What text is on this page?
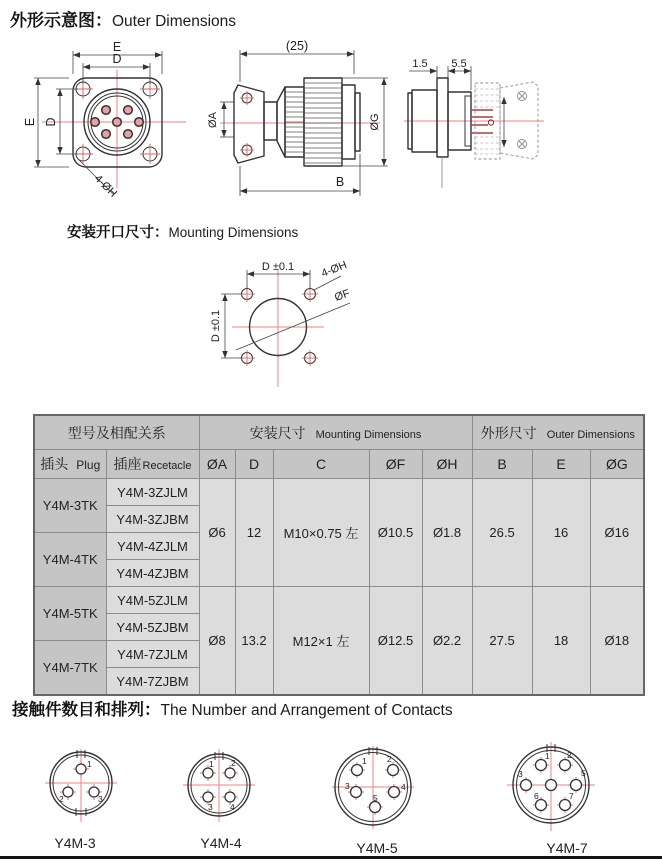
外形示意图：Outer Dimensions
E
D
E D
4-ØH
(25)
ØA	ØG
B
1.5 5.5
安装开口尺寸：Mounting Dimensions
D ±0.1
D ±0.1
4-ØH
ØF
型号及相配关系		安装尺寸 Mounting Dimensions					外形尺寸 Outer Dimensions		
插头 Plug	插座Recetacle	ØA	D	C	ØF	ØH	B	E	ØG
Y4M-3TK	Y4M-3ZJLM	Ø6	12	M10×0.75 左	Ø10.5	Ø1.8	26.5	16	Ø16
	Y4M-3ZJBM								
Y4M-4TK	Y4M-4ZJLM								
	Y4M-4ZJBM								
Y4M-5TK	Y4M-5ZJLM	Ø8	13.2	M12×1 左	Ø12.5	Ø2.2	27.5	18	Ø18
	Y4M-5ZJBM								
Y4M-7TK	Y4M-7ZJLM								
	Y4M-7ZJBM								
接触件数目和排列：The Number and Arrangement of Contacts
1
2	3
Y4M-3
1 2
3 4
Y4M-4
1 2
3	4
5
Y4M-5
1 2
3	5
6	7
Y4M-7
